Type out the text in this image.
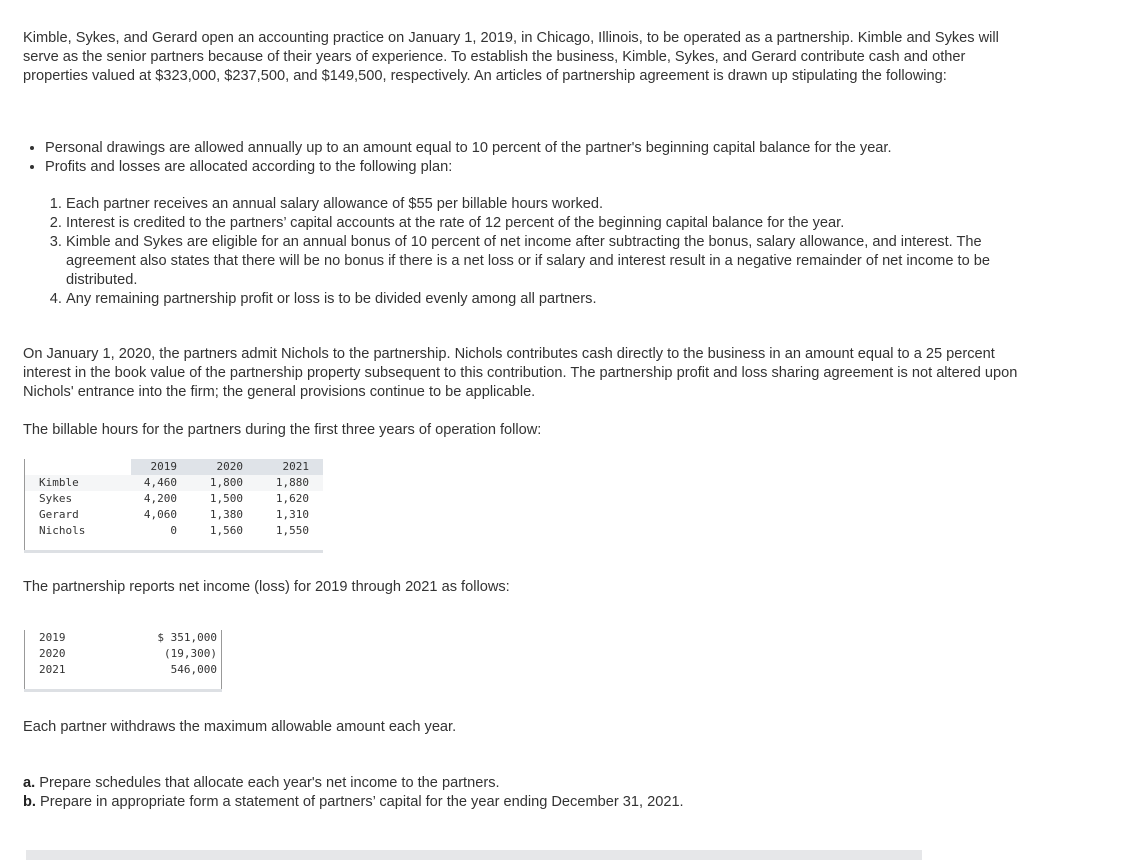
Kimble, Sykes, and Gerard open an accounting practice on January 1, 2019, in Chicago, Illinois, to be operated as a partnership. Kimble and Sykes will serve as the senior partners because of their years of experience. To establish the business, Kimble, Sykes, and Gerard contribute cash and other properties valued at $323,000, $237,500, and $149,500, respectively. An articles of partnership agreement is drawn up stipulating the following:

• Personal drawings are allowed annually up to an amount equal to 10 percent of the partner's beginning capital balance for the year.
• Profits and losses are allocated according to the following plan:
1. Each partner receives an annual salary allowance of $55 per billable hours worked.
2. Interest is credited to the partners’ capital accounts at the rate of 12 percent of the beginning capital balance for the year.
3. Kimble and Sykes are eligible for an annual bonus of 10 percent of net income after subtracting the bonus, salary allowance, and interest. The agreement also states that there will be no bonus if there is a net loss or if salary and interest result in a negative remainder of net income to be distributed.
4. Any remaining partnership profit or loss is to be divided evenly among all partners.

On January 1, 2020, the partners admit Nichols to the partnership. Nichols contributes cash directly to the business in an amount equal to a 25 percent interest in the book value of the partnership property subsequent to this contribution. The partnership profit and loss sharing agreement is not altered upon Nichols' entrance into the firm; the general provisions continue to be applicable.

The billable hours for the partners during the first three years of operation follow:

	2019	2020	2021
Kimble	4,460	1,800	1,880
Sykes	4,200	1,500	1,620
Gerard	4,060	1,380	1,310
Nichols	0	1,560	1,550

The partnership reports net income (loss) for 2019 through 2021 as follows:

2019	$ 351,000
2020	(19,300)
2021	546,000

Each partner withdraws the maximum allowable amount each year.

a. Prepare schedules that allocate each year's net income to the partners.

b. Prepare in appropriate form a statement of partners’ capital for the year ending December 31, 2021.
